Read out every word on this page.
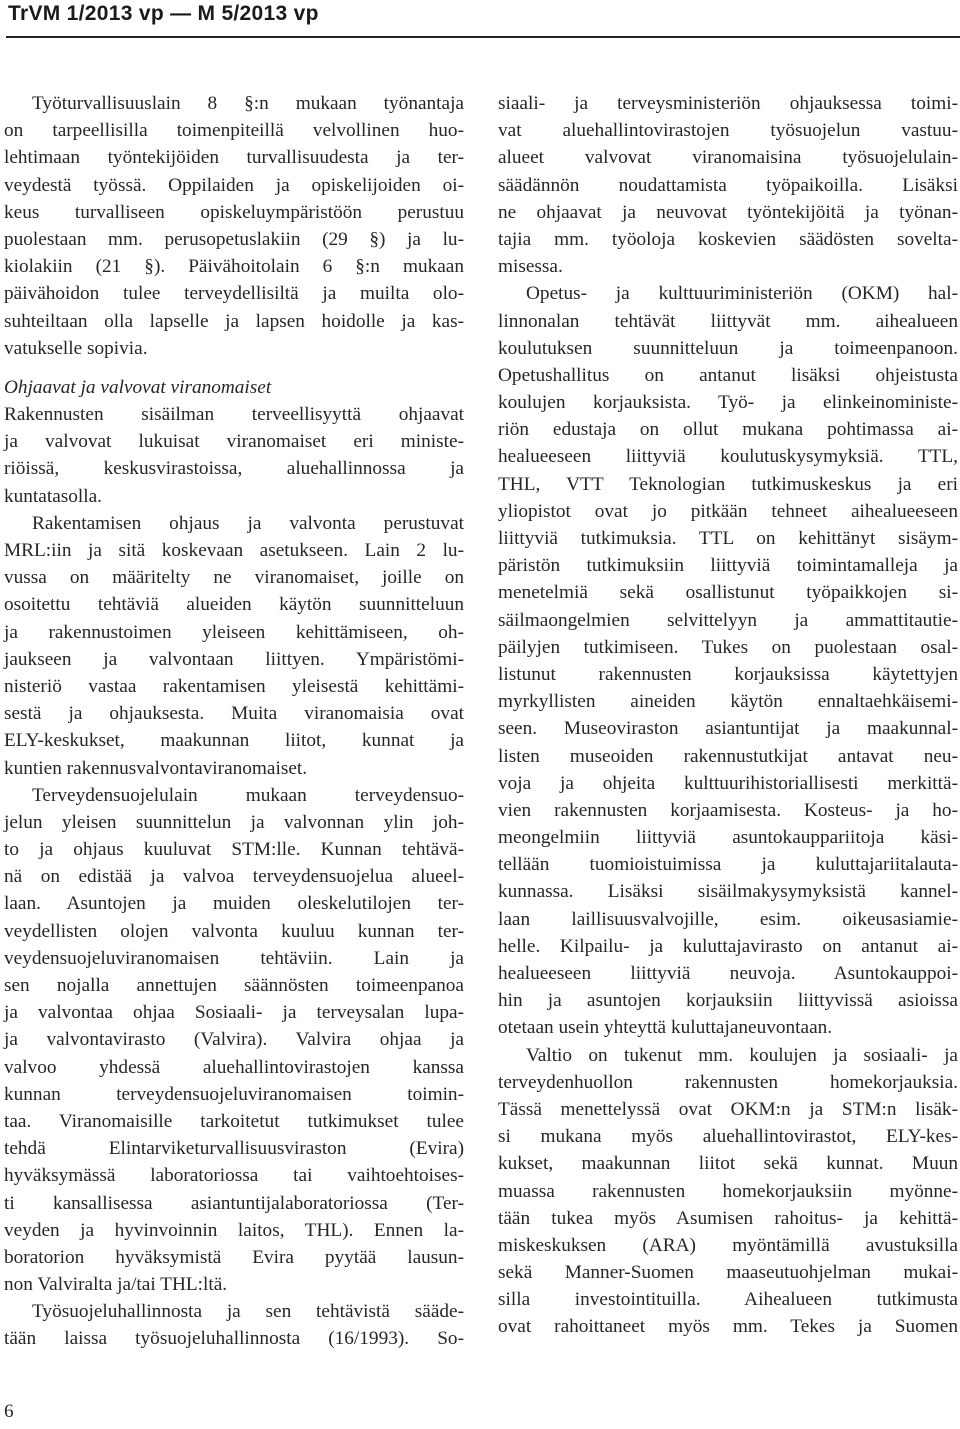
TrVM 1/2013 vp — M 5/2013 vp
Työturvallisuuslain 8 §:n mukaan työnantaja
on tarpeellisilla toimenpiteillä velvollinen huo-
lehtimaan työntekijöiden turvallisuudesta ja ter-
veydestä työssä. Oppilaiden ja opiskelijoiden oi-
keus turvalliseen opiskeluympäristöön perustuu
puolestaan mm. perusopetuslakiin (29 §) ja lu-
kiolakiin (21 §). Päivähoitolain 6 §:n mukaan
päivähoidon tulee terveydellisiltä ja muilta olo-
suhteiltaan olla lapselle ja lapsen hoidolle ja kas-
vatukselle sopivia.
Ohjaavat ja valvovat viranomaiset
Rakennusten sisäilman terveellisyyttä ohjaavat
ja valvovat lukuisat viranomaiset eri ministe-
riöissä, keskusvirastoissa, aluehallinnossa ja
kuntatasolla.
Rakentamisen ohjaus ja valvonta perustuvat
MRL:iin ja sitä koskevaan asetukseen. Lain 2 lu-
vussa on määritelty ne viranomaiset, joille on
osoitettu tehtäviä alueiden käytön suunnitteluun
ja rakennustoimen yleiseen kehittämiseen, oh-
jaukseen ja valvontaan liittyen. Ympäristömi-
nisteriö vastaa rakentamisen yleisestä kehittämi-
sestä ja ohjauksesta. Muita viranomaisia ovat
ELY-keskukset, maakunnan liitot, kunnat ja
kuntien rakennusvalvontaviranomaiset.
Terveydensuojelulain mukaan terveydensuo-
jelun yleisen suunnittelun ja valvonnan ylin joh-
to ja ohjaus kuuluvat STM:lle. Kunnan tehtävä-
nä on edistää ja valvoa terveydensuojelua alueel-
laan. Asuntojen ja muiden oleskelutilojen ter-
veydellisten olojen valvonta kuuluu kunnan ter-
veydensuojeluviranomaisen tehtäviin. Lain ja
sen nojalla annettujen säännösten toimeenpanoa
ja valvontaa ohjaa Sosiaali- ja terveysalan lupa-
ja valvontavirasto (Valvira). Valvira ohjaa ja
valvoo yhdessä aluehallintovirastojen kanssa
kunnan terveydensuojeluviranomaisen toimin-
taa. Viranomaisille tarkoitetut tutkimukset tulee
tehdä Elintarviketurvallisuusviraston (Evira)
hyväksymässä laboratoriossa tai vaihtoehtoises-
ti kansallisessa asiantuntijalaboratoriossa (Ter-
veyden ja hyvinvoinnin laitos, THL). Ennen la-
boratorion hyväksymistä Evira pyytää lausun-
non Valviralta ja/tai THL:ltä.
Työsuojeluhallinnosta ja sen tehtävistä sääde-
tään laissa työsuojeluhallinnosta (16/1993). So-
siaali- ja terveysministeriön ohjauksessa toimi-
vat aluehallintovirastojen työsuojelun vastuu-
alueet valvovat viranomaisina työsuojelulain-
säädännön noudattamista työpaikoilla. Lisäksi
ne ohjaavat ja neuvovat työntekijöitä ja työnan-
tajia mm. työoloja koskevien säädösten sovelta-
misessa.
Opetus- ja kulttuuriministeriön (OKM) hal-
linnonalan tehtävät liittyvät mm. aihealueen
koulutuksen suunnitteluun ja toimeenpanoon.
Opetushallitus on antanut lisäksi ohjeistusta
koulujen korjauksista. Työ- ja elinkeinoministe-
riön edustaja on ollut mukana pohtimassa ai-
healueeseen liittyviä koulutuskysymyksiä. TTL,
THL, VTT Teknologian tutkimuskeskus ja eri
yliopistot ovat jo pitkään tehneet aihealueeseen
liittyviä tutkimuksia. TTL on kehittänyt sisäym-
päristön tutkimuksiin liittyviä toimintamalleja ja
menetelmiä sekä osallistunut työpaikkojen si-
säilmaongelmien selvittelyyn ja ammattitautie-
päilyjen tutkimiseen. Tukes on puolestaan osal-
listunut rakennusten korjauksissa käytettyjen
myrkyllisten aineiden käytön ennaltaehkäisemi-
seen. Museoviraston asiantuntijat ja maakunnal-
listen museoiden rakennustutkijat antavat neu-
voja ja ohjeita kulttuurihistoriallisesti merkittä-
vien rakennusten korjaamisesta. Kosteus- ja ho-
meongelmiin liittyviä asuntokauppariitoja käsi-
tellään tuomioistuimissa ja kuluttajariitalauta-
kunnassa. Lisäksi sisäilmakysymyksistä kannel-
laan laillisuusvalvojille, esim. oikeusasiamie-
helle. Kilpailu- ja kuluttajavirasto on antanut ai-
healueeseen liittyviä neuvoja. Asuntokauppoi-
hin ja asuntojen korjauksiin liittyvissä asioissa
otetaan usein yhteyttä kuluttajaneuvontaan.
Valtio on tukenut mm. koulujen ja sosiaali- ja
terveydenhuollon rakennusten homekorjauksia.
Tässä menettelyssä ovat OKM:n ja STM:n lisäk-
si mukana myös aluehallintovirastot, ELY-kes-
kukset, maakunnan liitot sekä kunnat. Muun
muassa rakennusten homekorjauksiin myönne-
tään tukea myös Asumisen rahoitus- ja kehittä-
miskeskuksen (ARA) myöntämillä avustuksilla
sekä Manner-Suomen maaseutuohjelman mukai-
silla investointituilla. Aihealueen tutkimusta
ovat rahoittaneet myös mm. Tekes ja Suomen
6
